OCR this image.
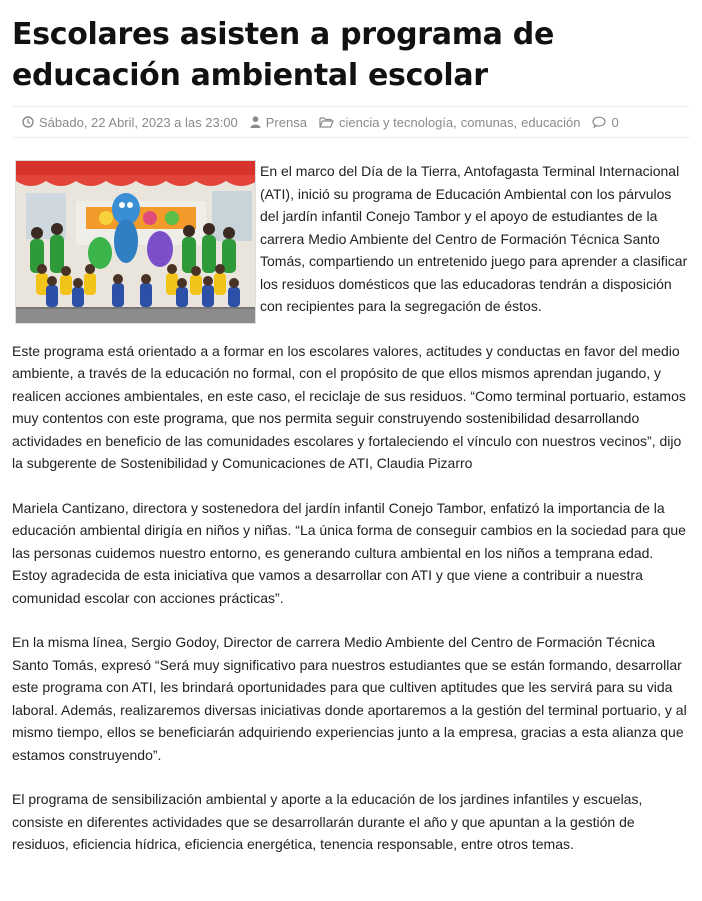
Escolares asisten a programa de educación ambiental escolar
Sábado, 22 Abril, 2023 a las 23:00 Prensa ciencia y tecnología , comunas , educación 0

En el marco del Día de la Tierra, Antofagasta Terminal Internacional (ATI), inició su programa de Educación Ambiental con los párvulos del jardín infantil Conejo Tambor y el apoyo de estudiantes de la carrera Medio Ambiente del Centro de Formación Técnica Santo Tomás, compartiendo un entretenido juego para aprender a clasificar los residuos domésticos que las educadoras tendrán a disposición con recipientes para la segregación de éstos.

Este programa está orientado a a formar en los escolares valores, actitudes y conductas en favor del medio ambiente, a través de la educación no formal, con el propósito de que ellos mismos aprendan jugando, y realicen acciones ambientales, en este caso, el reciclaje de sus residuos. “Como terminal portuario, estamos muy contentos con este programa, que nos permita seguir construyendo sostenibilidad desarrollando actividades en beneficio de las comunidades escolares y fortaleciendo el vínculo con nuestros vecinos”, dijo la subgerente de Sostenibilidad y Comunicaciones de ATI, Claudia Pizarro

Mariela Cantizano, directora y sostenedora del jardín infantil Conejo Tambor, enfatizó la importancia de la educación ambiental dirigía en niños y niñas. “La única forma de conseguir cambios en la sociedad para que las personas cuidemos nuestro entorno, es generando cultura ambiental en los niños a temprana edad. Estoy agradecida de esta iniciativa que vamos a desarrollar con ATI y que viene a contribuir a nuestra comunidad escolar con acciones prácticas”.

En la misma línea, Sergio Godoy, Director de carrera Medio Ambiente del Centro de Formación Técnica Santo Tomás, expresó “Será muy significativo para nuestros estudiantes que se están formando, desarrollar este programa con ATI, les brindará oportunidades para que cultiven aptitudes que les servirá para su vida laboral. Además, realizaremos diversas iniciativas donde aportaremos a la gestión del terminal portuario, y al mismo tiempo, ellos se beneficiarán adquiriendo experiencias junto a la empresa, gracias a esta alianza que estamos construyendo”.

El programa de sensibilización ambiental y aporte a la educación de los jardines infantiles y escuelas, consiste en diferentes actividades que se desarrollarán durante el año y que apuntan a la gestión de residuos, eficiencia hídrica, eficiencia energética, tenencia responsable, entre otros temas.
